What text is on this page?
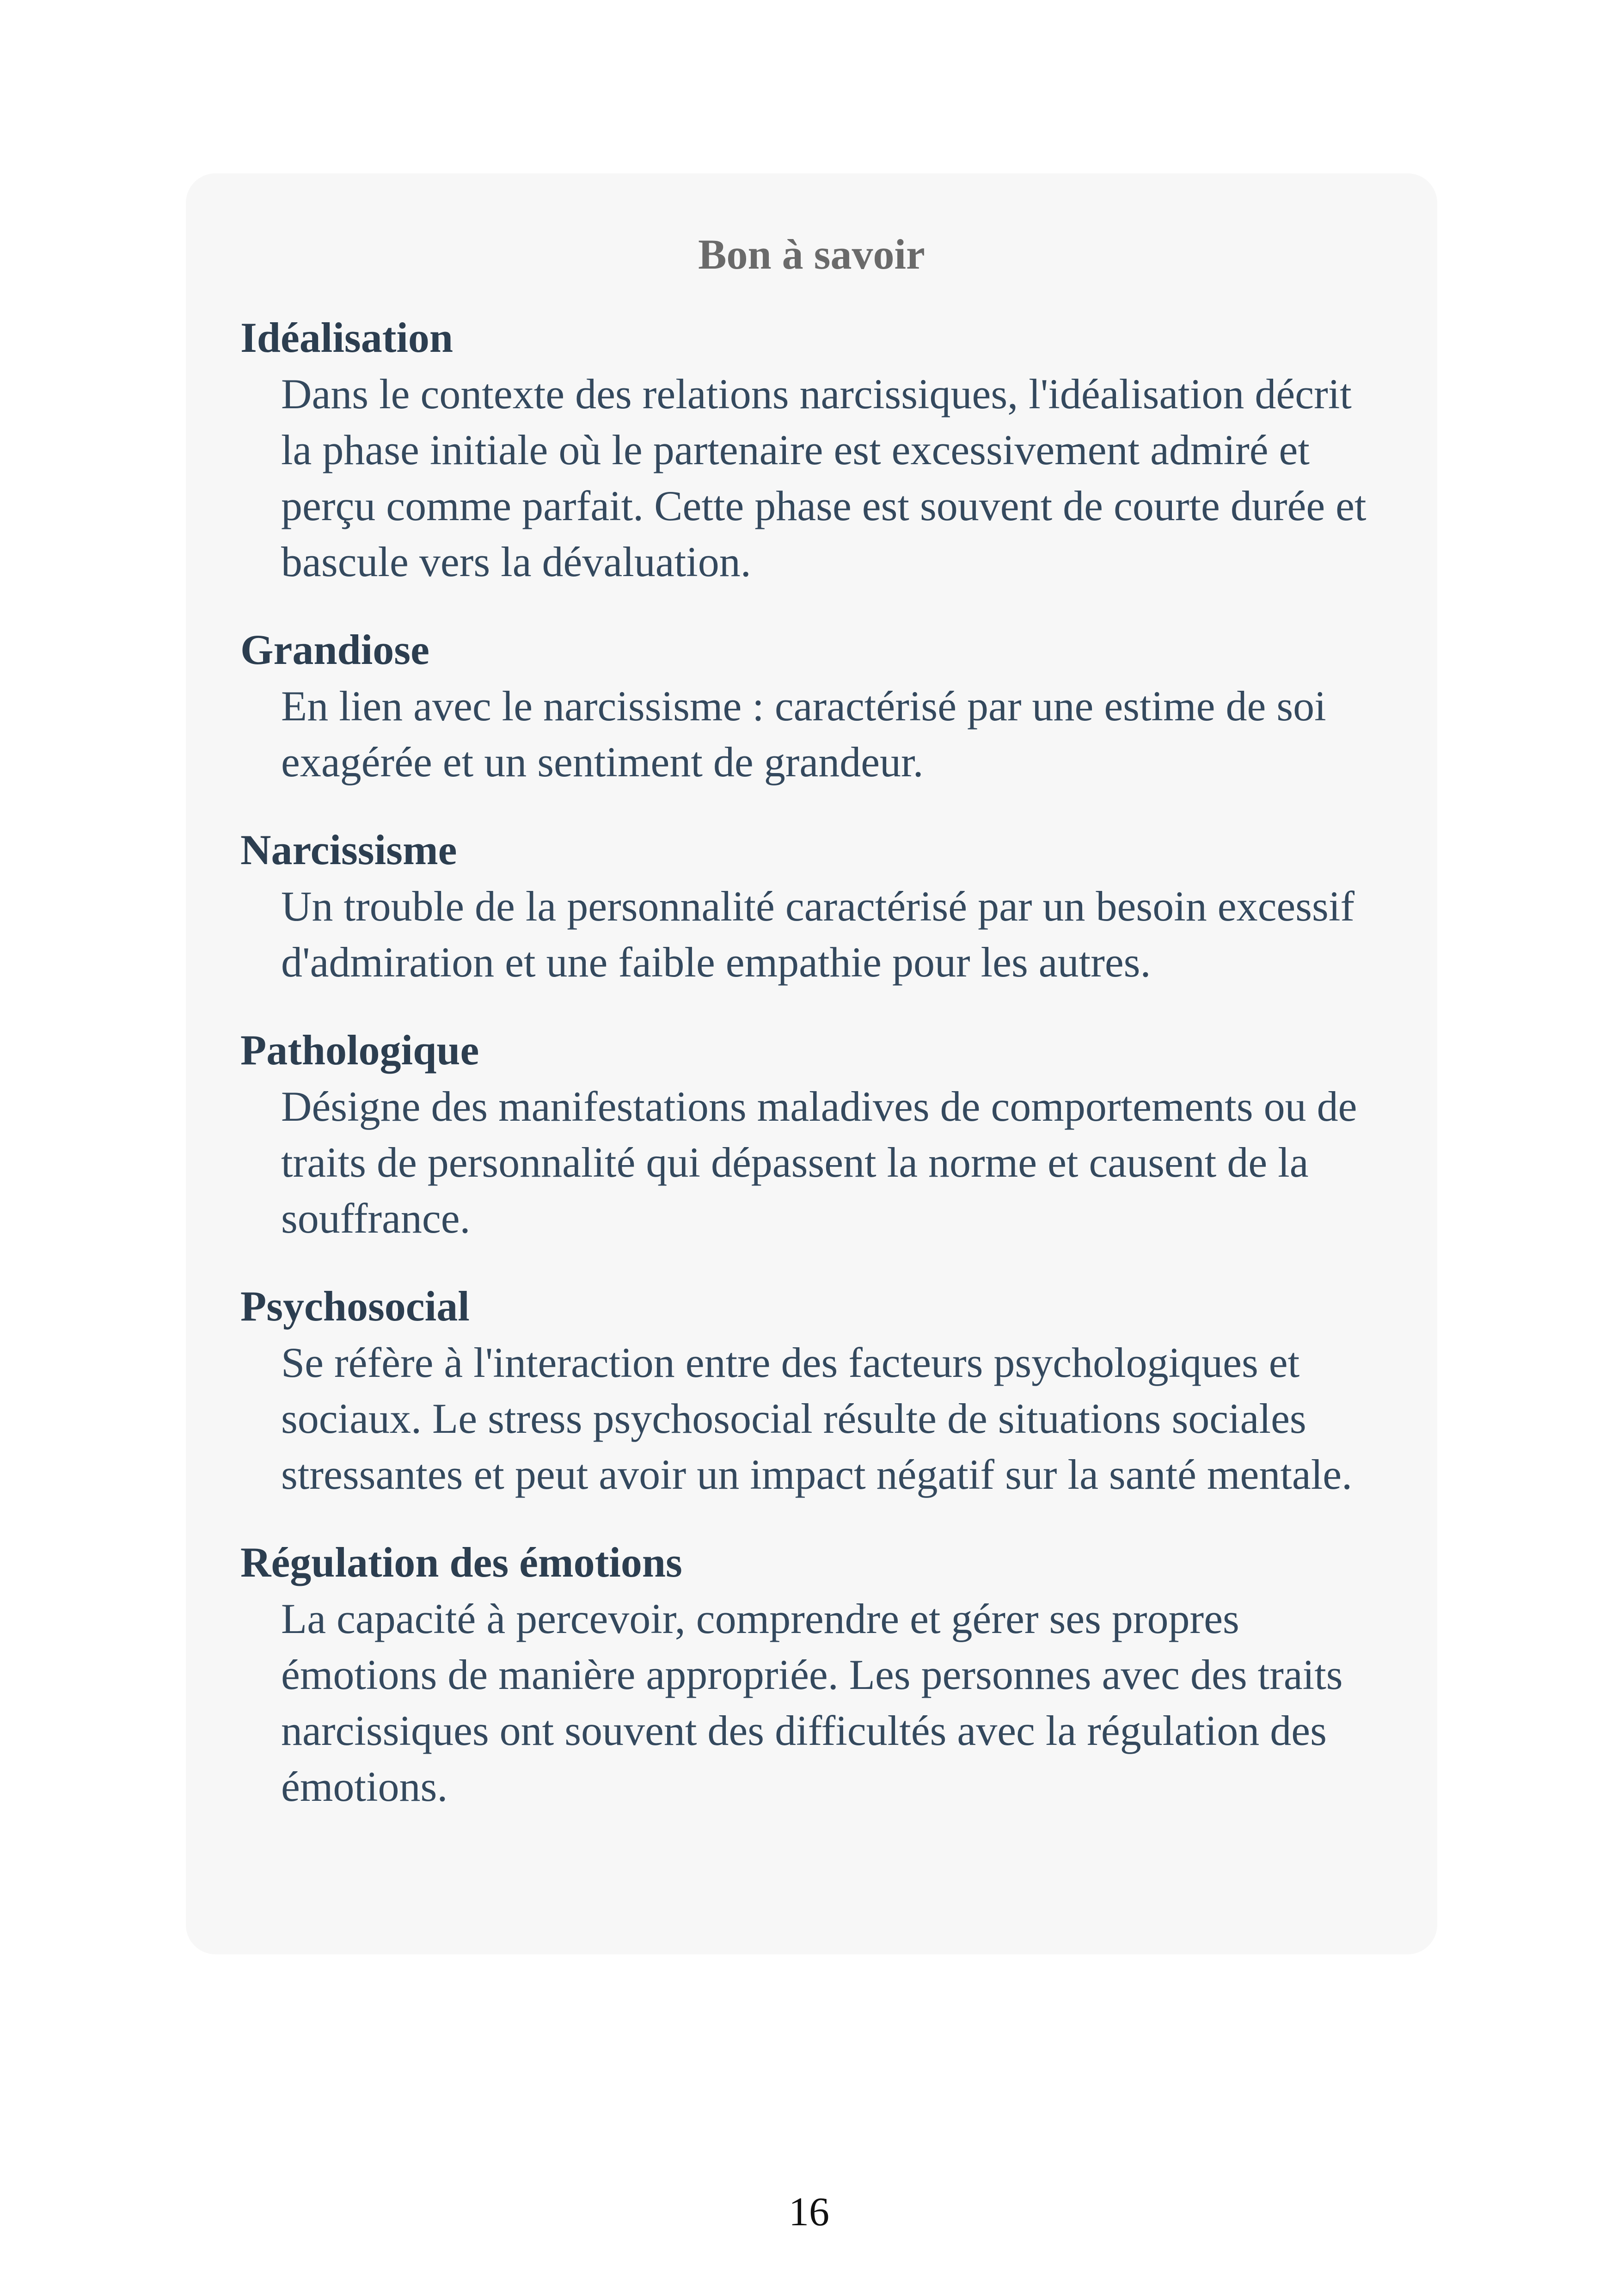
Bon à savoir

Idéalisation

Dans le contexte des relations narcissiques, l'idéalisation décrit la phase initiale où le partenaire est excessivement admiré et perçu comme parfait. Cette phase est souvent de courte durée et bascule vers la dévaluation.

Grandiose

En lien avec le narcissisme : caractérisé par une estime de soi exagérée et un sentiment de grandeur.

Narcissisme

Un trouble de la personnalité caractérisé par un besoin excessif d'admiration et une faible empathie pour les autres.

Pathologique

Désigne des manifestations maladives de comportements ou de traits de personnalité qui dépassent la norme et causent de la souffrance.

Psychosocial

Se réfère à l'interaction entre des facteurs psychologiques et sociaux. Le stress psychosocial résulte de situations sociales stressantes et peut avoir un impact négatif sur la santé mentale.

Régulation des émotions

La capacité à percevoir, comprendre et gérer ses propres émotions de manière appropriée. Les personnes avec des traits narcissiques ont souvent des difficultés avec la régulation des émotions.

16
